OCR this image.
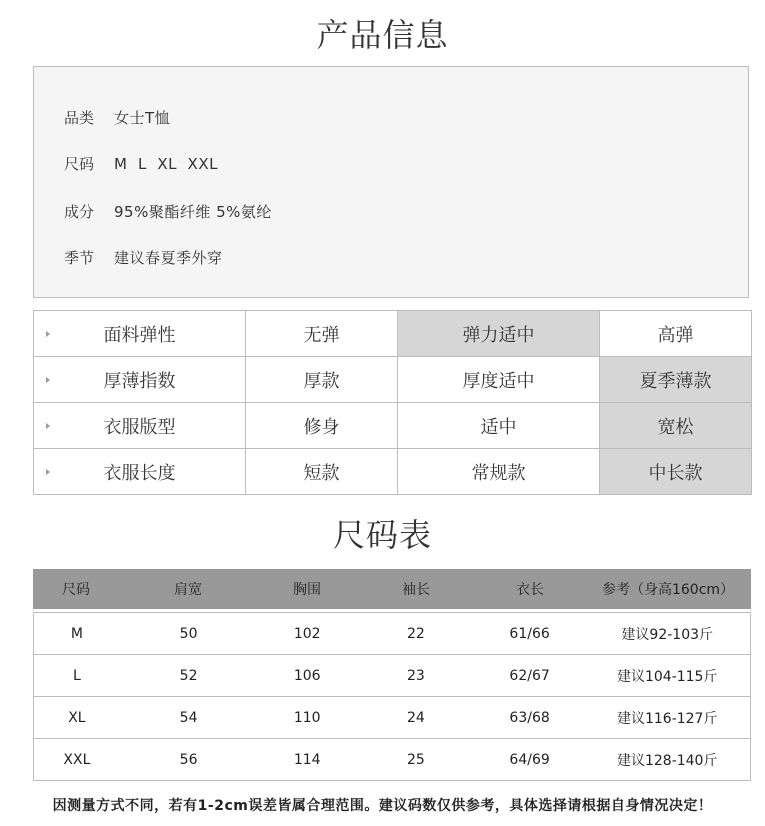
产品信息
品类 女士T恤
尺码 M  L  XL  XXL
成分 95%聚酯纤维 5%氨纶
季节 建议春夏季外穿
面料弹性	无弹	弹力适中	高弹

厚薄指数	厚款	厚度适中	夏季薄款

衣服版型	修身	适中	宽松

衣服长度	短款	常规款	中长款
尺码表
尺码	肩宽	胸围	袖长	衣长	参考（身高160cm）
M	50	102	22	61/66	建议92-103斤
L	52	106	23	62/67	建议104-115斤
XL	54	110	24	63/68	建议116-127斤
XXL	56	114	25	64/69	建议128-140斤
因测量方式不同，若有1-2cm误差皆属合理范围。建议码数仅供参考，具体选择请根据自身情况决定！
